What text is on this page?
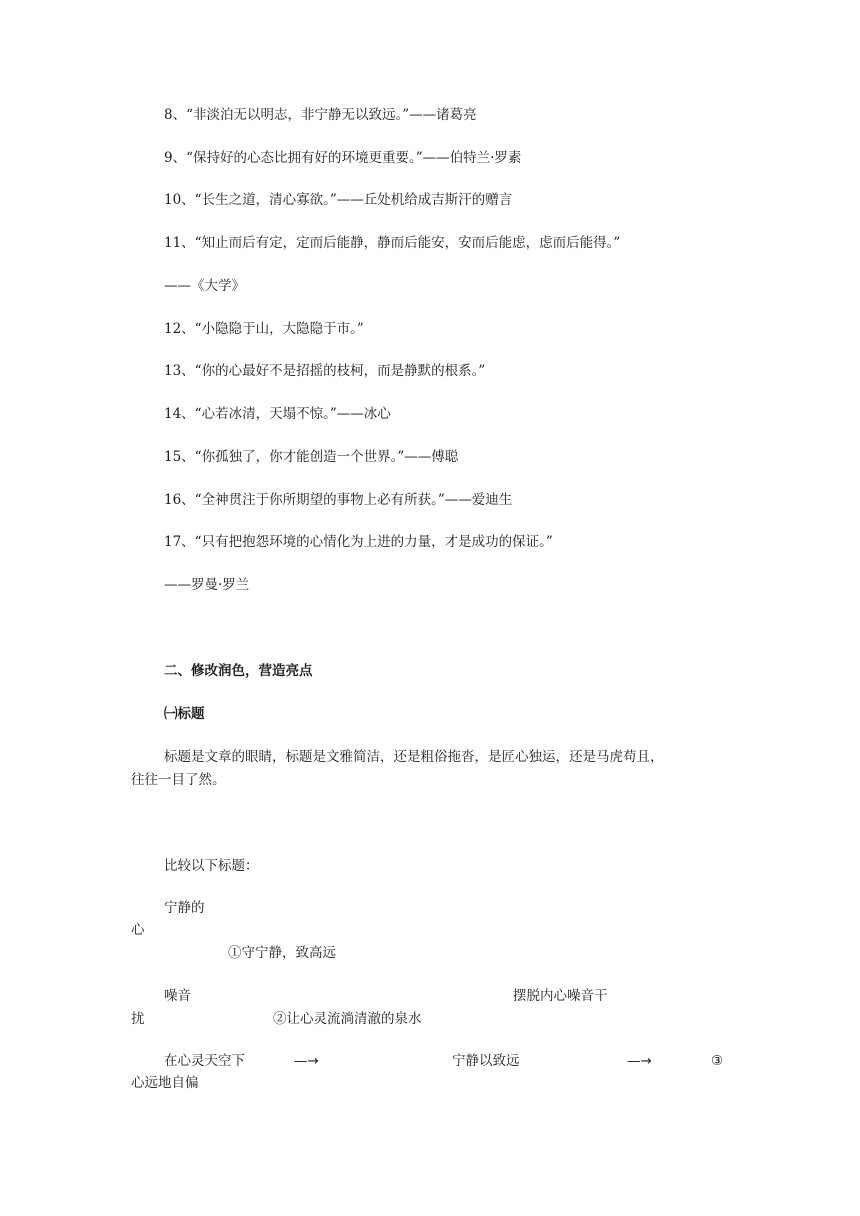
8、“非淡泊无以明志，非宁静无以致远。”——诸葛亮
9、“保持好的心态比拥有好的环境更重要。”——伯特兰·罗素
10、“长生之道，清心寡欲。”——丘处机给成吉斯汗的赠言
11、“知止而后有定，定而后能静，静而后能安，安而后能虑，虑而后能得。”
——《大学》
12、“小隐隐于山，大隐隐于市。”
13、“你的心最好不是招摇的枝柯，而是静默的根系。”
14、“心若冰清，天塌不惊。”——冰心
15、“你孤独了，你才能创造一个世界。”——傅聪
16、“全神贯注于你所期望的事物上必有所获。”——爱迪生
17、“只有把抱怨环境的心情化为上进的力量，才是成功的保证。”
——罗曼·罗兰
二、修改润色，营造亮点
㈠标题
标题是文章的眼睛，标题是文雅简洁，还是粗俗拖沓，是匠心独运，还是马虎苟且，
往往一目了然。
比较以下标题：
宁静的
心
①守宁静，致高远
噪音	摆脱内心噪音干
扰	②让心灵流淌清澈的泉水
在心灵天空下	—→	宁静以致远	—→	③
心远地自偏
